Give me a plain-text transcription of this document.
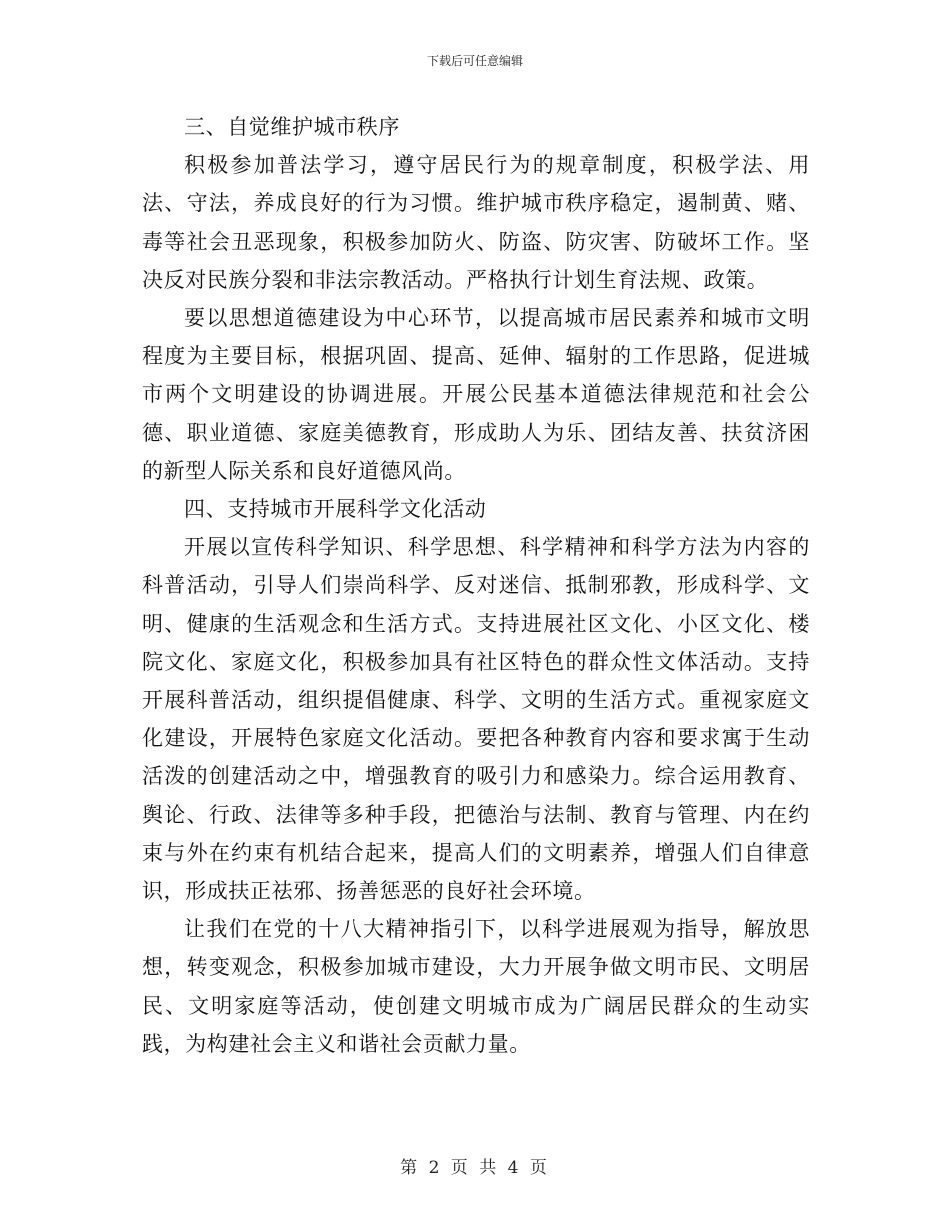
下载后可任意编辑

三、自觉维护城市秩序

积极参加普法学习，遵守居民行为的规章制度，积极学法、用法、守法，养成良好的行为习惯。维护城市秩序稳定，遏制黄、赌、毒等社会丑恶现象，积极参加防火、防盗、防灾害、防破坏工作。坚决反对民族分裂和非法宗教活动。严格执行计划生育法规、政策。

要以思想道德建设为中心环节，以提高城市居民素养和城市文明程度为主要目标，根据巩固、提高、延伸、辐射的工作思路，促进城市两个文明建设的协调进展。开展公民基本道德法律规范和社会公德、职业道德、家庭美德教育，形成助人为乐、团结友善、扶贫济困的新型人际关系和良好道德风尚。

四、支持城市开展科学文化活动

开展以宣传科学知识、科学思想、科学精神和科学方法为内容的科普活动，引导人们崇尚科学、反对迷信、抵制邪教，形成科学、文明、健康的生活观念和生活方式。支持进展社区文化、小区文化、楼院文化、家庭文化，积极参加具有社区特色的群众性文体活动。支持开展科普活动，组织提倡健康、科学、文明的生活方式。重视家庭文化建设，开展特色家庭文化活动。要把各种教育内容和要求寓于生动活泼的创建活动之中，增强教育的吸引力和感染力。综合运用教育、舆论、行政、法律等多种手段，把德治与法制、教育与管理、内在约束与外在约束有机结合起来，提高人们的文明素养，增强人们自律意识，形成扶正祛邪、扬善惩恶的良好社会环境。

让我们在党的十八大精神指引下，以科学进展观为指导，解放思想，转变观念，积极参加城市建设，大力开展争做文明市民、文明居民、文明家庭等活动，使创建文明城市成为广阔居民群众的生动实践，为构建社会主义和谐社会贡献力量。

第 2 页 共 4 页
